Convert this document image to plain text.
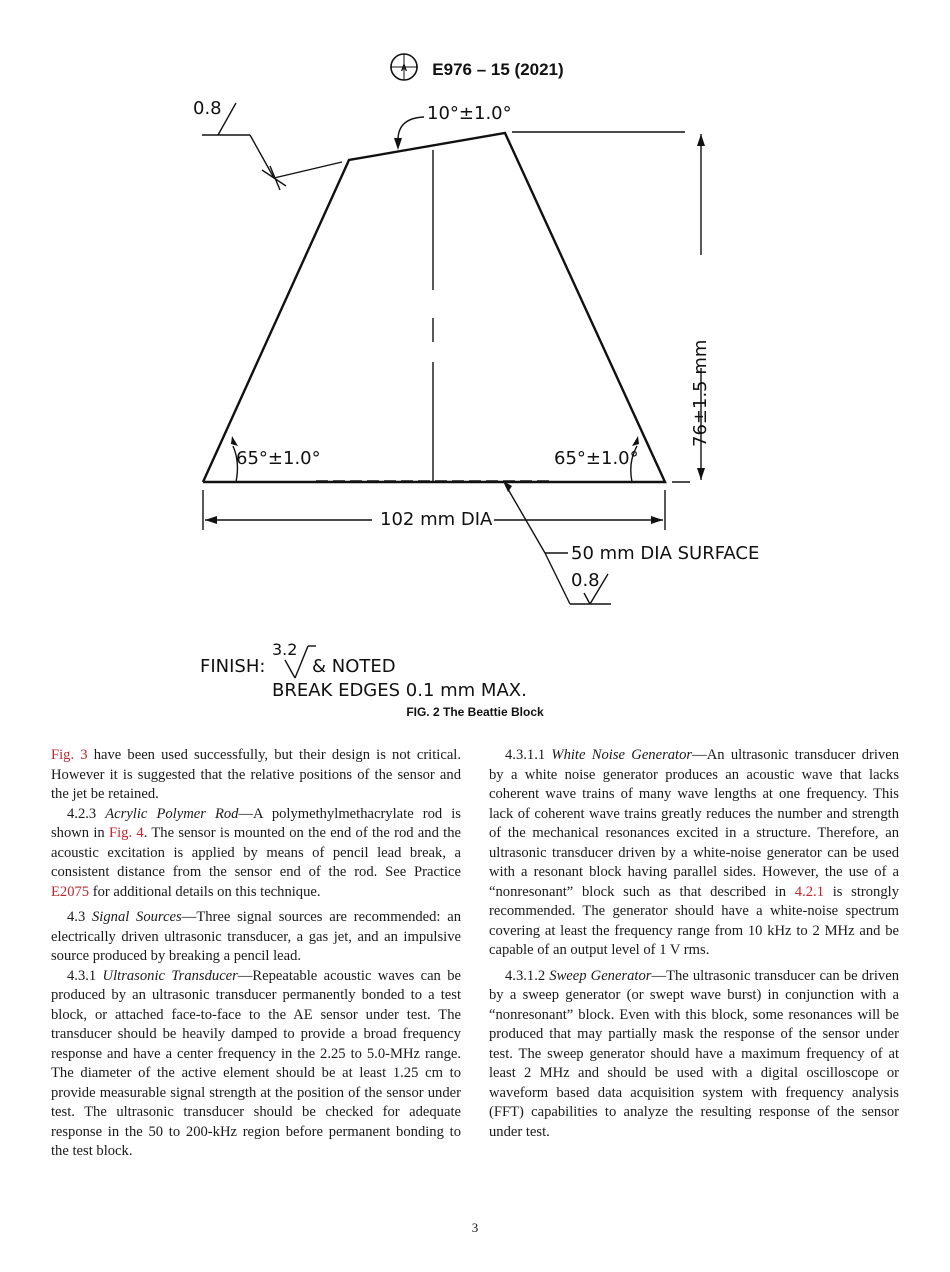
A E976 – 15 (2021)
0.8	10°±1.0°
76±1.5 mm
65°±1.0°	65°±1.0°
102 mm DIA
50 mm DIA SURFACE
0.8
FINISH:
3.2
& NOTED
BREAK EDGES 0.1 mm MAX.
FIG. 2 The Beattie Block

Fig. 3 have been used successfully, but their design is not critical. However it is suggested that the relative positions of the sensor and the jet be retained.

4.2.3 Acrylic Polymer Rod—A polymethylmethacrylate rod is shown in Fig. 4. The sensor is mounted on the end of the rod and the acoustic excitation is applied by means of pencil lead break, a consistent distance from the sensor end of the rod. See Practice E2075 for additional details on this technique.

4.3 Signal Sources—Three signal sources are recommended: an electrically driven ultrasonic transducer, a gas jet, and an impulsive source produced by breaking a pencil lead.

4.3.1 Ultrasonic Transducer—Repeatable acoustic waves can be produced by an ultrasonic transducer permanently bonded to a test block, or attached face-to-face to the AE sensor under test. The transducer should be heavily damped to provide a broad frequency response and have a center frequency in the 2.25 to 5.0-MHz range. The diameter of the active element should be at least 1.25 cm to provide measurable signal strength at the position of the sensor under test. The ultrasonic transducer should be checked for adequate response in the 50 to 200-kHz region before permanent bonding to the test block.

4.3.1.1 White Noise Generator—An ultrasonic transducer driven by a white noise generator produces an acoustic wave that lacks coherent wave trains of many wave lengths at one frequency. This lack of coherent wave trains greatly reduces the number and strength of the mechanical resonances excited in a structure. Therefore, an ultrasonic transducer driven by a white-noise generator can be used with a resonant block having parallel sides. However, the use of a “nonresonant” block such as that described in 4.2.1 is strongly recommended. The generator should have a white-noise spectrum covering at least the frequency range from 10 kHz to 2 MHz and be capable of an output level of 1 V rms.

4.3.1.2 Sweep Generator—The ultrasonic transducer can be driven by a sweep generator (or swept wave burst) in conjunction with a “nonresonant” block. Even with this block, some resonances will be produced that may partially mask the response of the sensor under test. The sweep generator should have a maximum frequency of at least 2 MHz and should be used with a digital oscilloscope or waveform based data acquisition system with frequency analysis (FFT) capabilities to analyze the resulting response of the sensor under test.

3
